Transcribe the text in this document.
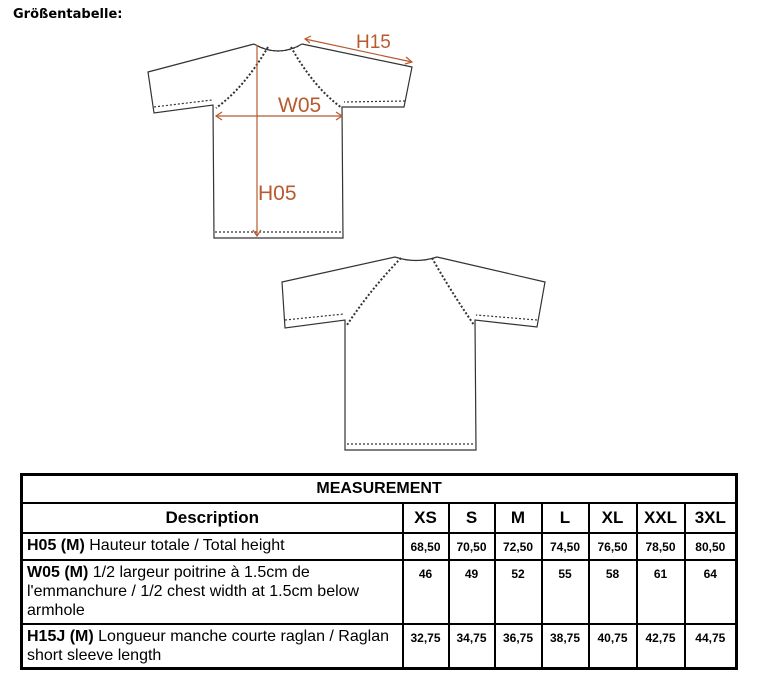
Größentabelle:
H15
W05
H05
MEASUREMENT							
Description	XS	S	M	L	XL	XXL	3XL
H05 (M) Hauteur totale / Total height	68,50	70,50	72,50	74,50	76,50	78,50	80,50
W05 (M) 1/2 largeur poitrine à 1.5cm de l'emmanchure / 1/2 chest width at 1.5cm below armhole	46	49	52	55	58	61	64
H15J (M) Longueur manche courte raglan / Raglan short sleeve length	32,75	34,75	36,75	38,75	40,75	42,75	44,75
